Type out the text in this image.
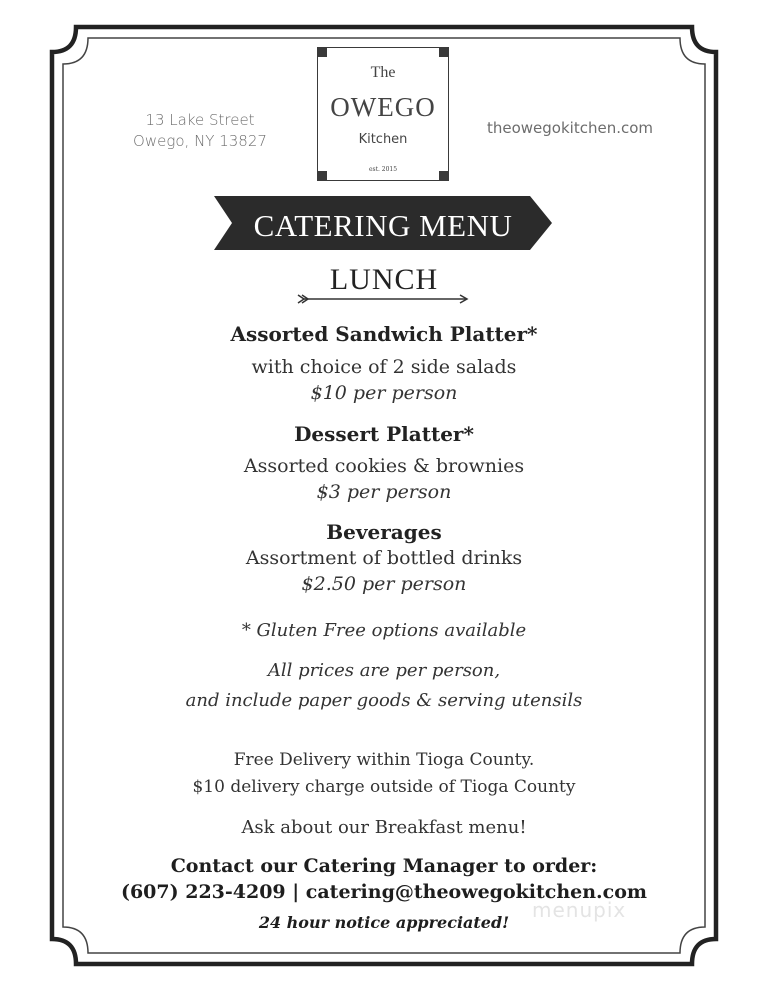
13 Lake Street
Owego, NY 13827
The
OWEGO
Kitchen
est. 2015
theowegokitchen.com
CATERING MENU
LUNCH
Assorted Sandwich Platter*
with choice of 2 side salads
$10 per person
Dessert Platter*
Assorted cookies & brownies
$3 per person
Beverages
Assortment of bottled drinks
$2.50 per person
* Gluten Free options available
All prices are per person,
and include paper goods & serving utensils
Free Delivery within Tioga County.
$10 delivery charge outside of Tioga County
Ask about our Breakfast menu!
Contact our Catering Manager to order:
(607) 223-4209 | catering@theowegokitchen.com
24 hour notice appreciated!
menupix
